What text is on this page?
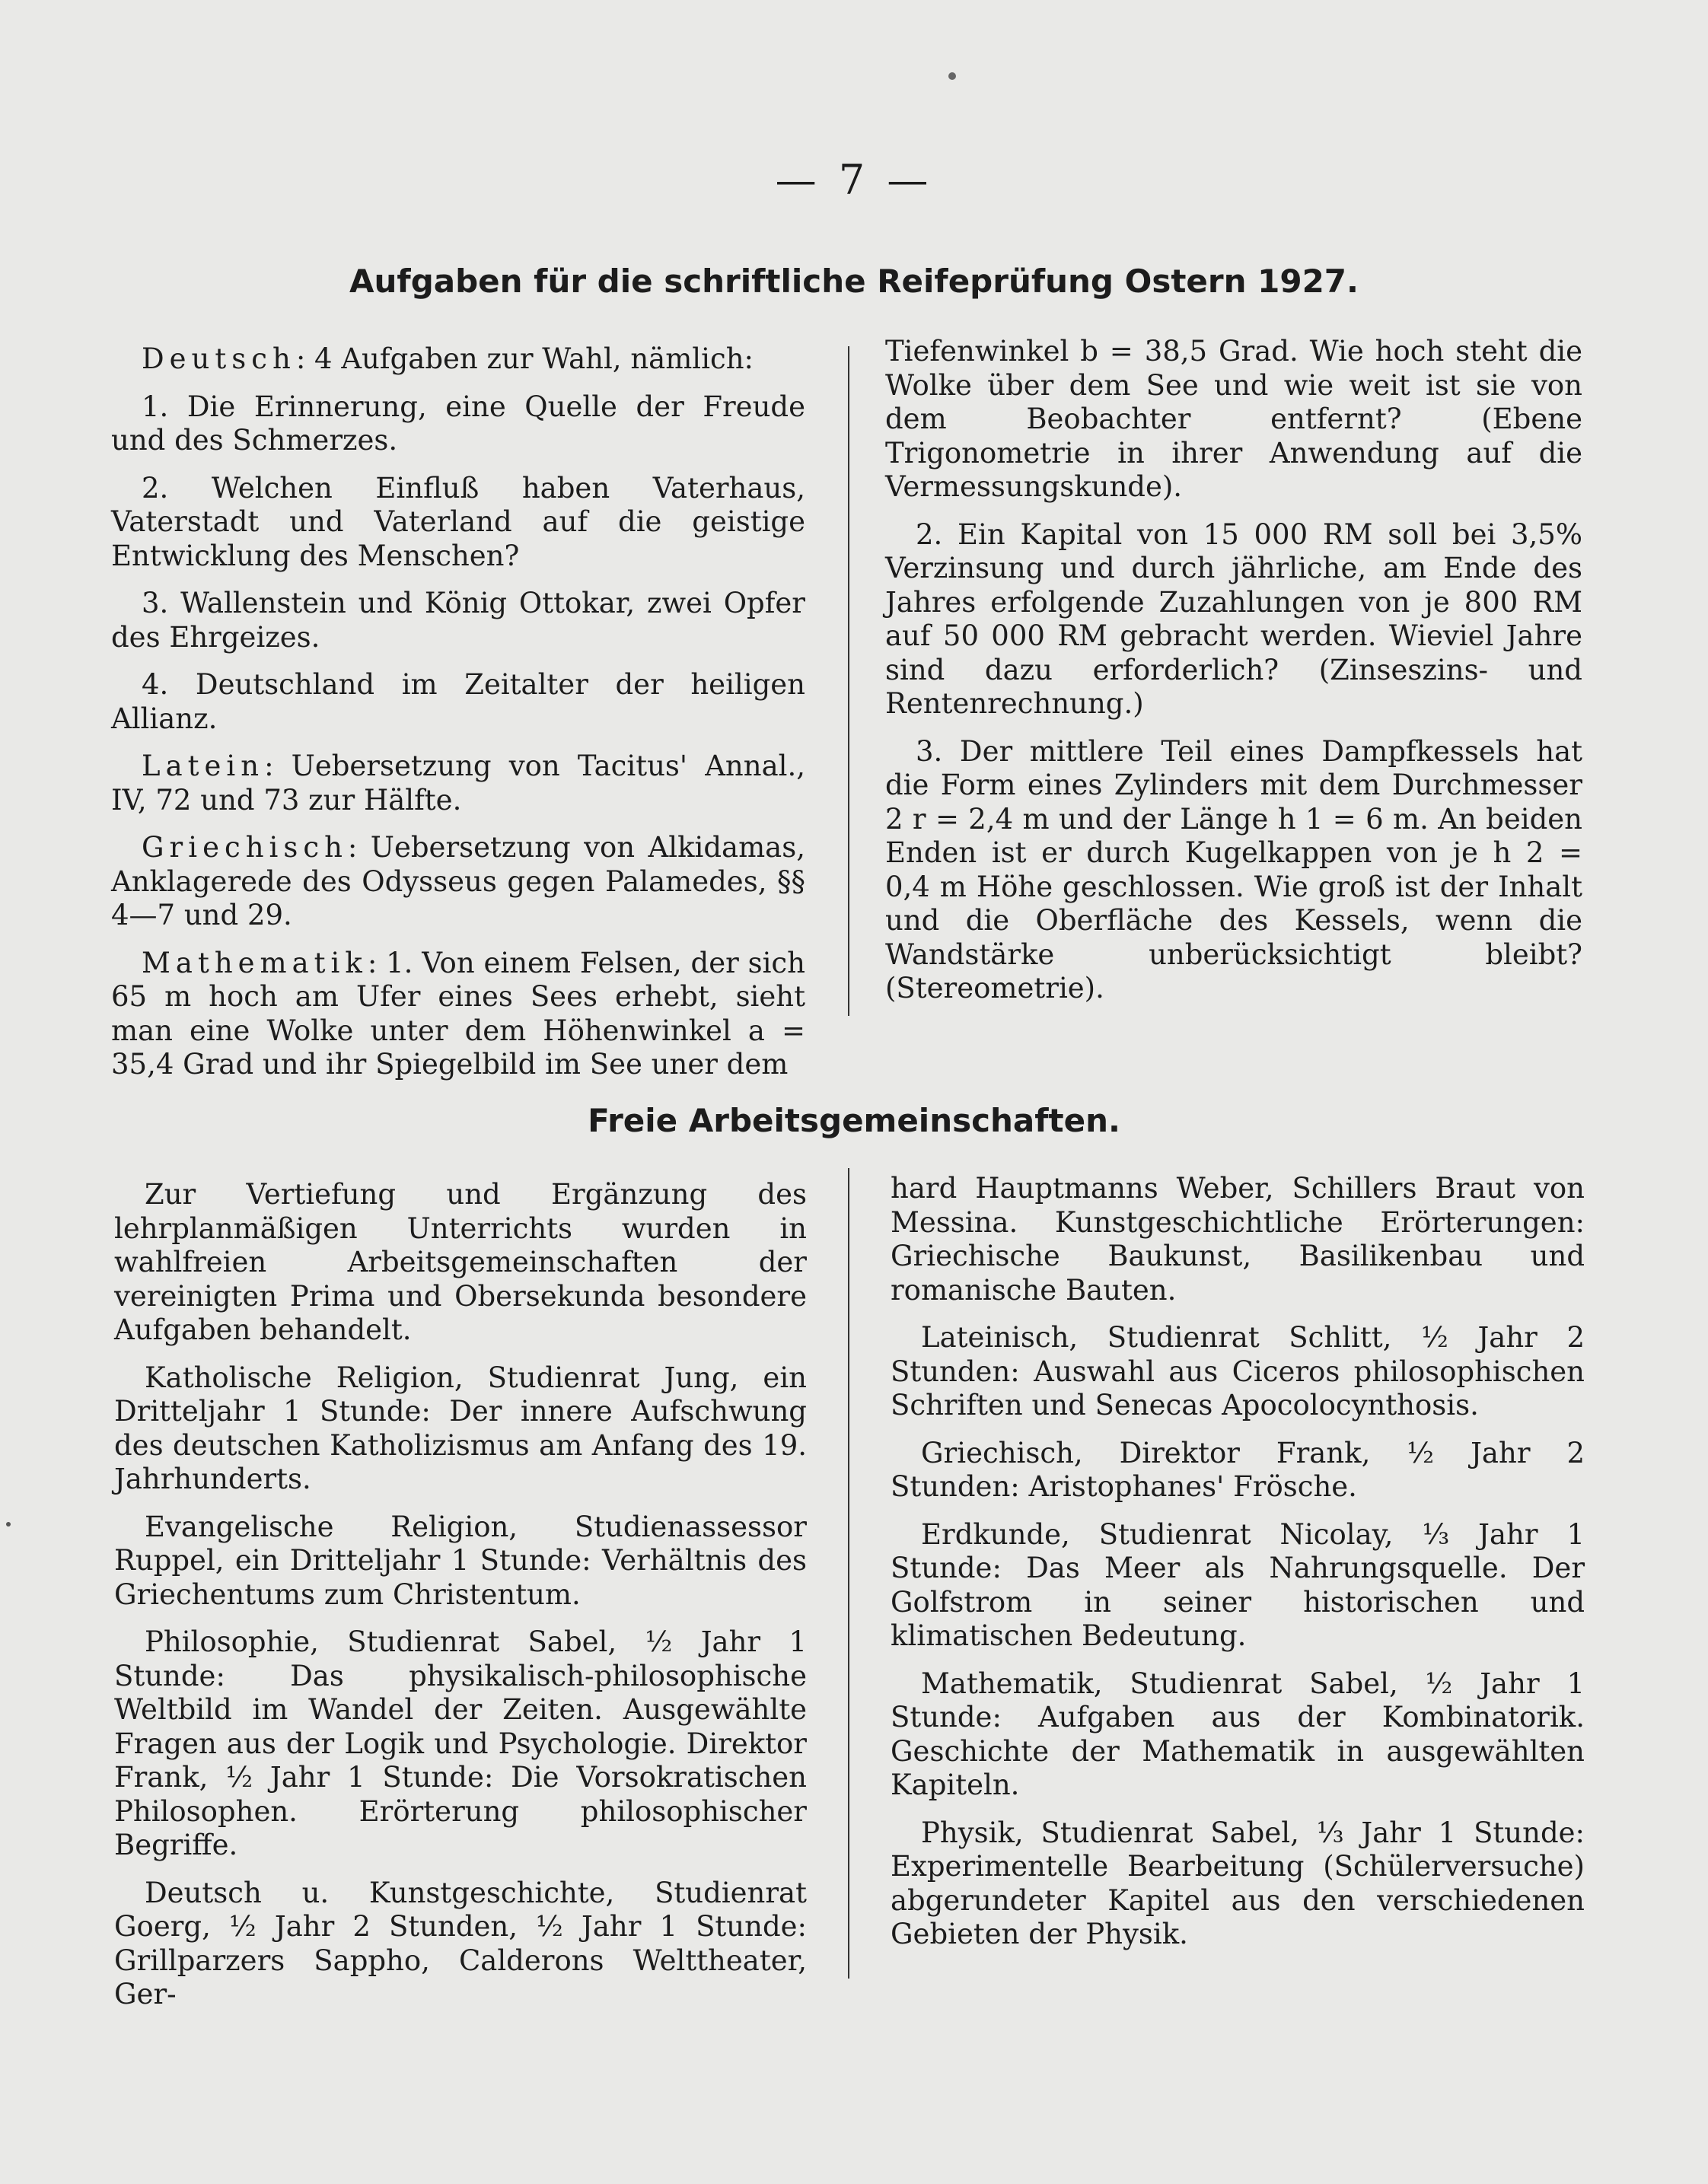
— 7 —
Aufgaben für die schriftliche Reifeprüfung Ostern 1927.

Deutsch: 4 Aufgaben zur Wahl, nämlich:

1. Die Erinnerung, eine Quelle der Freude und des Schmerzes.

2. Welchen Einfluß haben Vaterhaus, Vaterstadt und Vaterland auf die geistige Entwicklung des Menschen?

3. Wallenstein und König Ottokar, zwei Opfer des Ehrgeizes.

4. Deutschland im Zeitalter der heiligen Allianz.

Latein: Uebersetzung von Tacitus' Annal., IV, 72 und 73 zur Hälfte.

Griechisch: Uebersetzung von Alkidamas, Anklagerede des Odysseus gegen Palamedes, §§ 4—7 und 29.

Mathematik: 1. Von einem Felsen, der sich 65 m hoch am Ufer eines Sees erhebt, sieht man eine Wolke unter dem Höhenwinkel a = 35,4 Grad und ihr Spiegelbild im See uner dem

Tiefenwinkel b = 38,5 Grad. Wie hoch steht die Wolke über dem See und wie weit ist sie von dem Beobachter entfernt? (Ebene Trigonometrie in ihrer Anwendung auf die Vermessungskunde).

2. Ein Kapital von 15 000 RM soll bei 3,5% Verzinsung und durch jährliche, am Ende des Jahres erfolgende Zuzahlungen von je 800 RM auf 50 000 RM gebracht werden. Wieviel Jahre sind dazu erforderlich? (Zinseszins- und Rentenrechnung.)

3. Der mittlere Teil eines Dampfkessels hat die Form eines Zylinders mit dem Durchmesser 2 r = 2,4 m und der Länge h 1 = 6 m. An beiden Enden ist er durch Kugelkappen von je h 2 = 0,4 m Höhe geschlossen. Wie groß ist der Inhalt und die Oberfläche des Kessels, wenn die Wandstärke unberücksichtigt bleibt? (Stereometrie).

Freie Arbeitsgemeinschaften.

Zur Vertiefung und Ergänzung des lehrplanmäßigen Unterrichts wurden in wahlfreien Arbeitsgemeinschaften der vereinigten Prima und Obersekunda besondere Aufgaben behandelt.

Katholische Religion, Studienrat Jung, ein Dritteljahr 1 Stunde: Der innere Aufschwung des deutschen Katholizismus am Anfang des 19. Jahrhunderts.

Evangelische Religion, Studienassessor Ruppel, ein Dritteljahr 1 Stunde: Verhältnis des Griechentums zum Christentum.

Philosophie, Studienrat Sabel, ½ Jahr 1 Stunde: Das physikalisch-philosophische Weltbild im Wandel der Zeiten. Ausgewählte Fragen aus der Logik und Psychologie. Direktor Frank, ½ Jahr 1 Stunde: Die Vorsokratischen Philosophen. Erörterung philosophischer Begriffe.

Deutsch u. Kunstgeschichte, Studienrat Goerg, ½ Jahr 2 Stunden, ½ Jahr 1 Stunde: Grillparzers Sappho, Calderons Welttheater, Ger-

hard Hauptmanns Weber, Schillers Braut von Messina. Kunstgeschichtliche Erörterungen: Griechische Baukunst, Basilikenbau und romanische Bauten.

Lateinisch, Studienrat Schlitt, ½ Jahr 2 Stunden: Auswahl aus Ciceros philosophischen Schriften und Senecas Apocolocynthosis.

Griechisch, Direktor Frank, ½ Jahr 2 Stunden: Aristophanes' Frösche.

Erdkunde, Studienrat Nicolay, ⅓ Jahr 1 Stunde: Das Meer als Nahrungsquelle. Der Golfstrom in seiner historischen und klimatischen Bedeutung.

Mathematik, Studienrat Sabel, ½ Jahr 1 Stunde: Aufgaben aus der Kombinatorik. Geschichte der Mathematik in ausgewählten Kapiteln.

Physik, Studienrat Sabel, ⅓ Jahr 1 Stunde: Experimentelle Bearbeitung (Schülerversuche) abgerundeter Kapitel aus den verschiedenen Gebieten der Physik.
